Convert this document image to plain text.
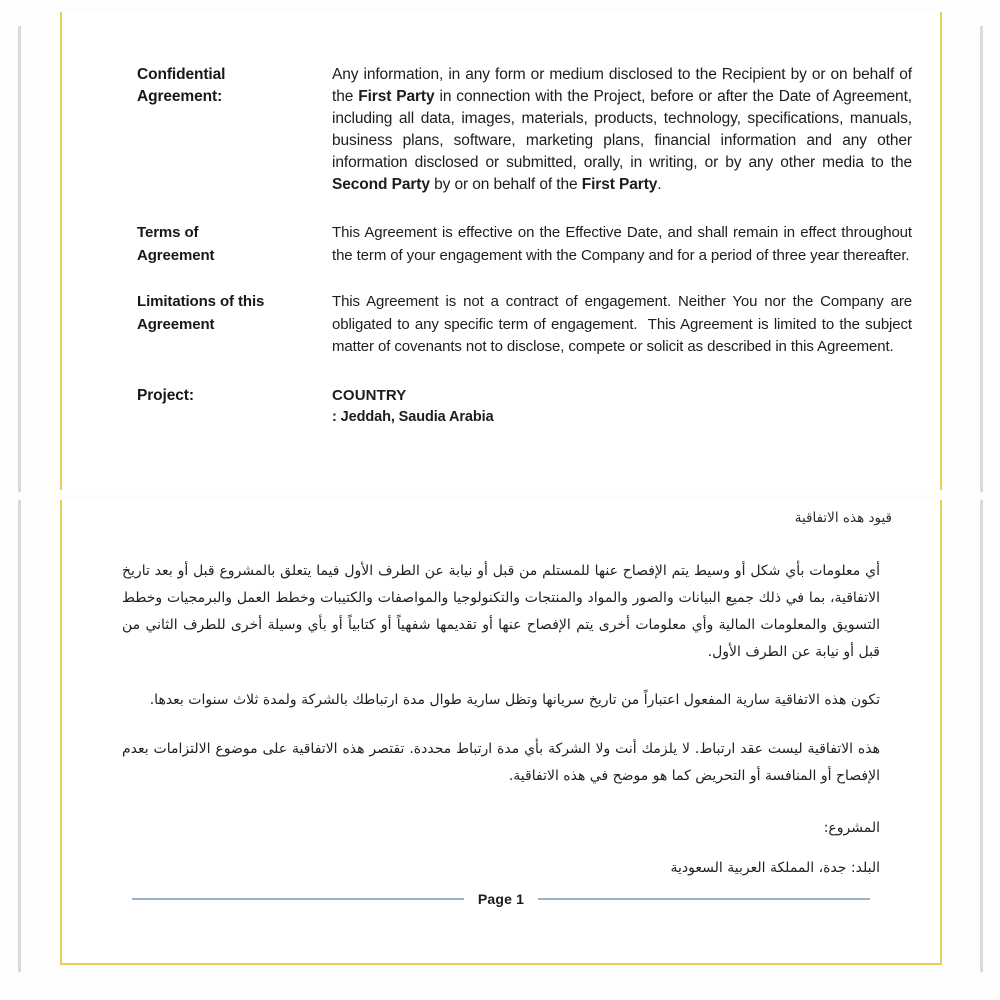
Confidential
Agreement:
Any information, in any form or medium disclosed to the Recipient by or on behalf of the First Party in connection with the Project, before or after the Date of Agreement, including all data, images, materials, products, technology, specifications, manuals, business plans, software, marketing plans, financial information and any other information disclosed or submitted, orally, in writing, or by any other media to the Second Party by or on behalf of the First Party.
Terms of
Agreement
This Agreement is effective on the Effective Date, and shall remain in effect throughout the term of your engagement with the Company and for a period of three year thereafter.
Limitations of this
Agreement
This Agreement is not a contract of engagement. Neither You nor the Company are obligated to any specific term of engagement.  This Agreement is limited to the subject matter of covenants not to disclose, compete or solicit as described in this Agreement.
Project:	COUNTRY
: Jeddah, Saudia Arabia
قيود هذه الاتفاقية
أي معلومات بأي شكل أو وسيط يتم الإفصاح عنها للمستلم من قبل أو نيابة عن الطرف الأول فيما يتعلق بالمشروع قبل أو بعد تاريخ الاتفاقية، بما في ذلك جميع البيانات والصور والمواد والمنتجات والتكنولوجيا والمواصفات والكتيبات وخطط العمل والبرمجيات وخطط التسويق والمعلومات المالية وأي معلومات أخرى يتم الإفصاح عنها أو تقديمها شفهياً أو كتابياً أو بأي وسيلة أخرى للطرف الثاني من قبل أو نيابة عن الطرف الأول.
تكون هذه الاتفاقية سارية المفعول اعتباراً من تاريخ سريانها وتظل سارية طوال مدة ارتباطك بالشركة ولمدة ثلاث سنوات بعدها.
هذه الاتفاقية ليست عقد ارتباط. لا يلزمك أنت ولا الشركة بأي مدة ارتباط محددة. تقتصر هذه الاتفاقية على موضوع الالتزامات بعدم الإفصاح أو المنافسة أو التحريض كما هو موضح في هذه الاتفاقية.
المشروع:
البلد: جدة، المملكة العربية السعودية
Page 1
